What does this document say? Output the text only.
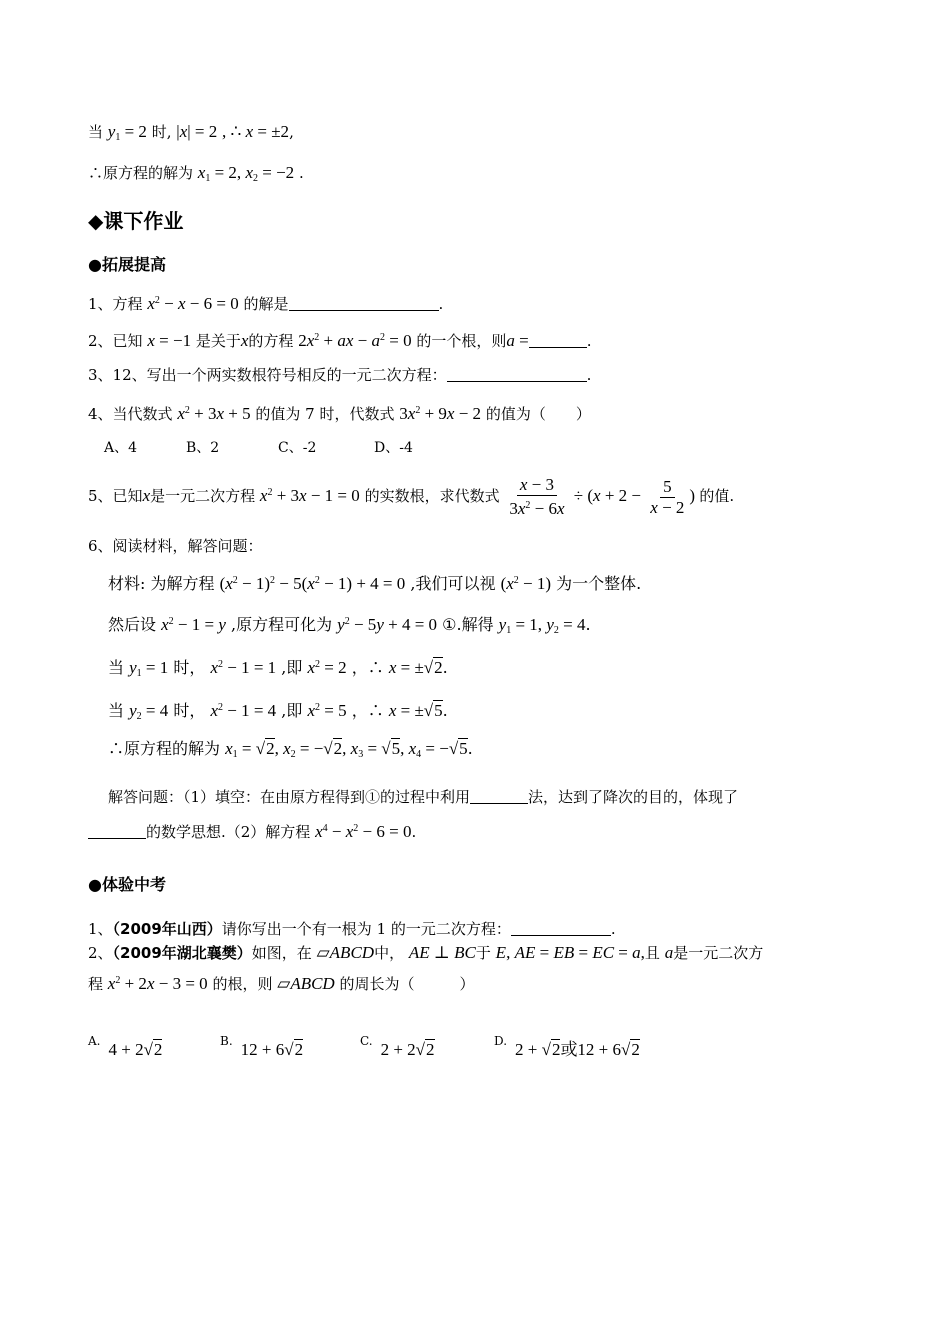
当 $y_1 = 2$ 时, |x| = 2 , ∴ x = ±2,
∴原方程的解为 $x_1 = 2$, $x_2 = -2$ .
◆课下作业
●拓展提高
1、方程 $x^2 - x - 6 = 0$ 的解是	.
2、已知 x = −1 是关于x的方程 $2x^2$ + ax − $a^2 = 0$ 的一个根，则a =	.
3、12、写出一个两实数根符号相反的一元二次方程：	.
4、当代数式 $x^2 + 3x + 5$ 的值为 7 时，代数式 $3x^2 + 9x - 2$ 的值为（　　）
A、4	B、2	C、-2	D、-4
5、已知x是一元二次方程 $x^2 + 3x - 1 = 0$ 的实数根，求代数式 $\frac{x - 3}{3x^2 - 6x} \div (x + 2 - \frac{5}{x - 2}$ ) 的值.
6、阅读材料，解答问题：
材料: 为解方程 $(x^2 - 1)^2 - 5(x^2 - 1) + 4 = 0$ ,我们可以视 $(x^2 - 1)$ 为一个整体.
然后设 $x^2 - 1 = y$ ,原方程可化为 $y^2 - 5y + 4 = 0$ ①.解得 $y_1 = 1$, $y_2 = 4$.
当 $y_1 = 1$ 时， $x^2 - 1 = 1$ ,即 $x^2 = 2$ ，∴ x = ±√2.
当 $y_2 = 4$ 时， $x^2 - 1 = 4$ ,即 $x^2 = 5$ ，∴ x = ±√5.
∴原方程的解为 $x_1 = √2$, $x_2 = -√2$, $x_3 = √5$, $x_4 = -√5$.
解答问题：（1）填空：在由原方程得到①的过程中利用	法，达到了降次的目的，体现了
的数学思想.（2）解方程 $x^4 - x^2 - 6 = 0$.
●体验中考
1、（2009年山西）请你写出一个有一根为 1 的一元二次方程：	.
2、（2009年湖北襄樊）如图，在 ▱ABCD中， AE ⊥ BC于 E, AE = EB = EC = a,且 a是一元二次方
程 $x^2 + 2x - 3 = 0$ 的根，则 ▱ABCD 的周长为（　　　）
$^{A.}$ 4 + 2√2	$^{B.}$ 12 + 6√2	$^{C.}$ 2 + 2√2	$^{D.}$ 2 + √2或12 + 6√2
